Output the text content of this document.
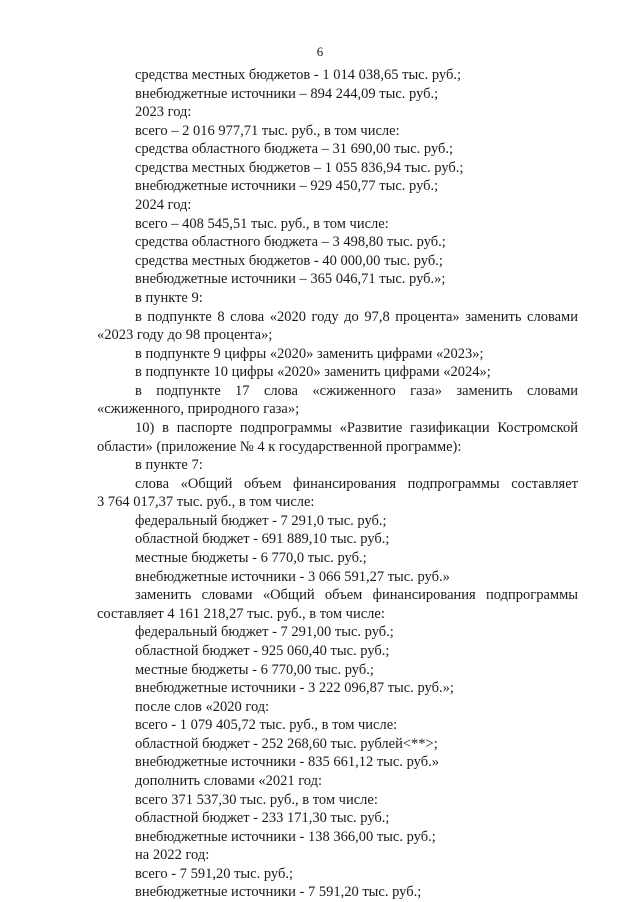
6
средства местных бюджетов - 1 014 038,65 тыс. руб.;
внебюджетные источники – 894 244,09 тыс. руб.;
2023 год:
всего – 2 016 977,71 тыс. руб., в том числе:
средства областного бюджета – 31 690,00 тыс. руб.;
средства местных бюджетов – 1 055 836,94 тыс. руб.;
внебюджетные источники – 929 450,77 тыс. руб.;
2024 год:
всего – 408 545,51 тыс. руб., в том числе:
средства областного бюджета – 3 498,80 тыс. руб.;
средства местных бюджетов - 40 000,00 тыс. руб.;
внебюджетные источники – 365 046,71 тыс. руб.»;
в пункте 9:
в подпункте 8 слова «2020 году до 97,8 процента» заменить словами
«2023 году до 98 процента»;
в подпункте 9 цифры «2020» заменить цифрами «2023»;
в подпункте 10 цифры «2020» заменить цифрами «2024»;
в подпункте 17 слова «сжиженного газа» заменить словами
«сжиженного, природного газа»;
10) в паспорте подпрограммы «Развитие газификации Костромской
области» (приложение № 4 к государственной программе):
в пункте 7:
слова «Общий объем финансирования подпрограммы составляет
3 764 017,37 тыс. руб., в том числе:
федеральный бюджет - 7 291,0 тыс. руб.;
областной бюджет - 691 889,10 тыс. руб.;
местные бюджеты - 6 770,0 тыс. руб.;
внебюджетные источники - 3 066 591,27 тыс. руб.»
заменить словами «Общий объем финансирования подпрограммы
составляет 4 161 218,27 тыс. руб., в том числе:
федеральный бюджет - 7 291,00 тыс. руб.;
областной бюджет - 925 060,40 тыс. руб.;
местные бюджеты - 6 770,00 тыс. руб.;
внебюджетные источники - 3 222 096,87 тыс. руб.»;
после слов «2020 год:
всего - 1 079 405,72 тыс. руб., в том числе:
областной бюджет - 252 268,60 тыс. рублей<**>;
внебюджетные источники - 835 661,12 тыс. руб.»
дополнить словами «2021 год:
всего 371 537,30 тыс. руб., в том числе:
областной бюджет - 233 171,30 тыс. руб.;
внебюджетные источники - 138 366,00 тыс. руб.;
на 2022 год:
всего - 7 591,20 тыс. руб.;
внебюджетные источники - 7 591,20 тыс. руб.;
